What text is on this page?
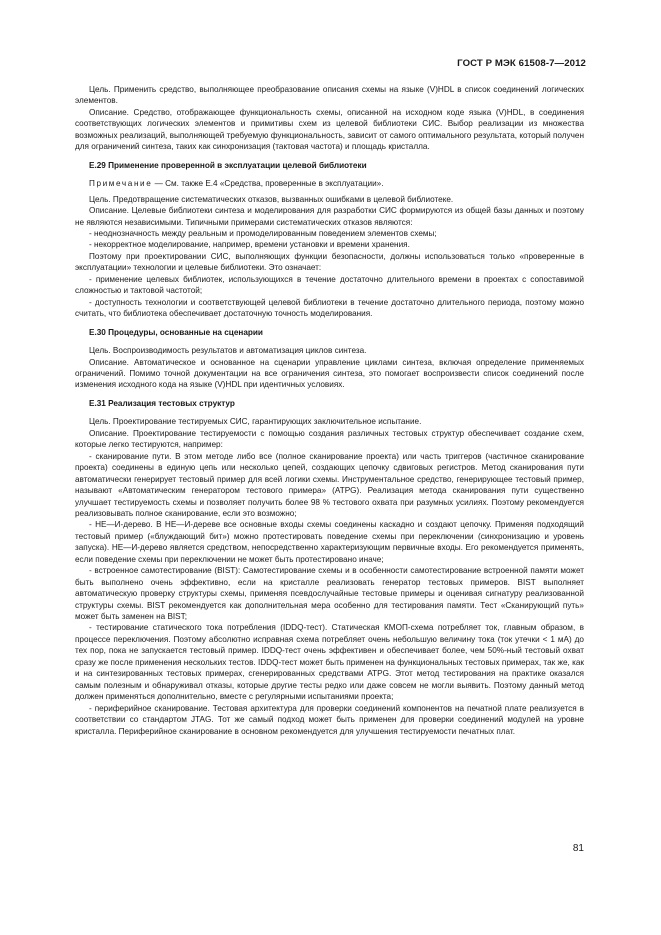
ГОСТ Р МЭК 61508-7—2012

Цель. Применить средство, выполняющее преобразование описания схемы на языке (V)HDL в список соединений логических элементов.

Описание. Средство, отображающее функциональность схемы, описанной на исходном коде языка (V)HDL, в соединения соответствующих логических элементов и примитивы схем из целевой библиотеки СИС. Выбор реализации из множества возможных реализаций, выполняющей требуемую функциональность, зависит от самого оптимального результата, который получен для ограничений синтеза, таких как синхронизация (тактовая частота) и площадь кристалла.

Е.29 Применение проверенной в эксплуатации целевой библиотеки

Примечание — См. также Е.4 «Средства, проверенные в эксплуатации».

Цель. Предотвращение систематических отказов, вызванных ошибками в целевой библиотеке.

Описание. Целевые библиотеки синтеза и моделирования для разработки СИС формируются из общей базы данных и поэтому не являются независимыми. Типичными примерами систематических отказов являются:

- неоднозначность между реальным и промоделированным поведением элементов схемы;

- некорректное моделирование, например, времени установки и времени хранения.

Поэтому при проектировании СИС, выполняющих функции безопасности, должны использоваться только «проверенные в эксплуатации» технологии и целевые библиотеки. Это означает:

- применение целевых библиотек, использующихся в течение достаточно длительного времени в проектах с сопоставимой сложностью и тактовой частотой;

- доступность технологии и соответствующей целевой библиотеки в течение достаточно длительного периода, поэтому можно считать, что библиотека обеспечивает достаточную точность моделирования.

Е.30 Процедуры, основанные на сценарии

Цель. Воспроизводимость результатов и автоматизация циклов синтеза.

Описание. Автоматическое и основанное на сценарии управление циклами синтеза, включая определение применяемых ограничений. Помимо точной документации на все ограничения синтеза, это помогает воспроизвести список соединений после изменения исходного кода на языке (V)HDL при идентичных условиях.

Е.31 Реализация тестовых структур

Цель. Проектирование тестируемых СИС, гарантирующих заключительное испытание.

Описание. Проектирование тестируемости с помощью создания различных тестовых структур обеспечивает создание схем, которые легко тестируются, например:

- сканирование пути. В этом методе либо все (полное сканирование проекта) или часть триггеров (частичное сканирование проекта) соединены в единую цепь или несколько цепей, создающих цепочку сдвиговых регистров. Метод сканирования пути автоматически генерирует тестовый пример для всей логики схемы. Инструментальное средство, генерирующее тестовый пример, называют «Автоматическим генератором тестового примера» (ATPG). Реализация метода сканирования пути существенно улучшает тестируемость схемы и позволяет получить более 98 % тестового охвата при разумных усилиях. Поэтому рекомендуется реализовывать полное сканирование, если это возможно;

- НЕ—И-дерево. В НЕ—И-дереве все основные входы схемы соединены каскадно и создают цепочку. Применяя подходящий тестовый пример («блуждающий бит») можно протестировать поведение схемы при переключении (синхронизацию и уровень запуска). НЕ—И-дерево является средством, непосредственно характеризующим первичные входы. Его рекомендуется применять, если поведение схемы при переключении не может быть протестировано иначе;

- встроенное самотестирование (BIST): Самотестирование схемы и в особенности самотестирование встроенной памяти может быть выполнено очень эффективно, если на кристалле реализовать генератор тестовых примеров. BIST выполняет автоматическую проверку структуры схемы, применяя псевдослучайные тестовые примеры и оценивая сигнатуру реализованной структуры схемы. BIST рекомендуется как дополнительная мера особенно для тестирования памяти. Тест «Сканирующий путь» может быть заменен на BIST;

- тестирование статического тока потребления (IDDQ-тест). Статическая КМОП-схема потребляет ток, главным образом, в процессе переключения. Поэтому абсолютно исправная схема потребляет очень небольшую величину тока (ток утечки < 1 мА) до тех пор, пока не запускается тестовый пример. IDDQ-тест очень эффективен и обеспечивает более, чем 50%-ный тестовый охват сразу же после применения нескольких тестов. IDDQ-тест может быть применен на функциональных тестовых примерах, так же, как и на синтезированных тестовых примерах, сгенерированных средствами ATPG. Этот метод тестирования на практике оказался самым полезным и обнаруживал отказы, которые другие тесты редко или даже совсем не могли выявить. Поэтому данный метод должен применяться дополнительно, вместе с регулярными испытаниями проекта;

- периферийное сканирование. Тестовая архитектура для проверки соединений компонентов на печатной плате реализуется в соответствии со стандартом JTAG. Тот же самый подход может быть применен для проверки соединений модулей на уровне кристалла. Периферийное сканирование в основном рекомендуется для улучшения тестируемости печатных плат.

81
